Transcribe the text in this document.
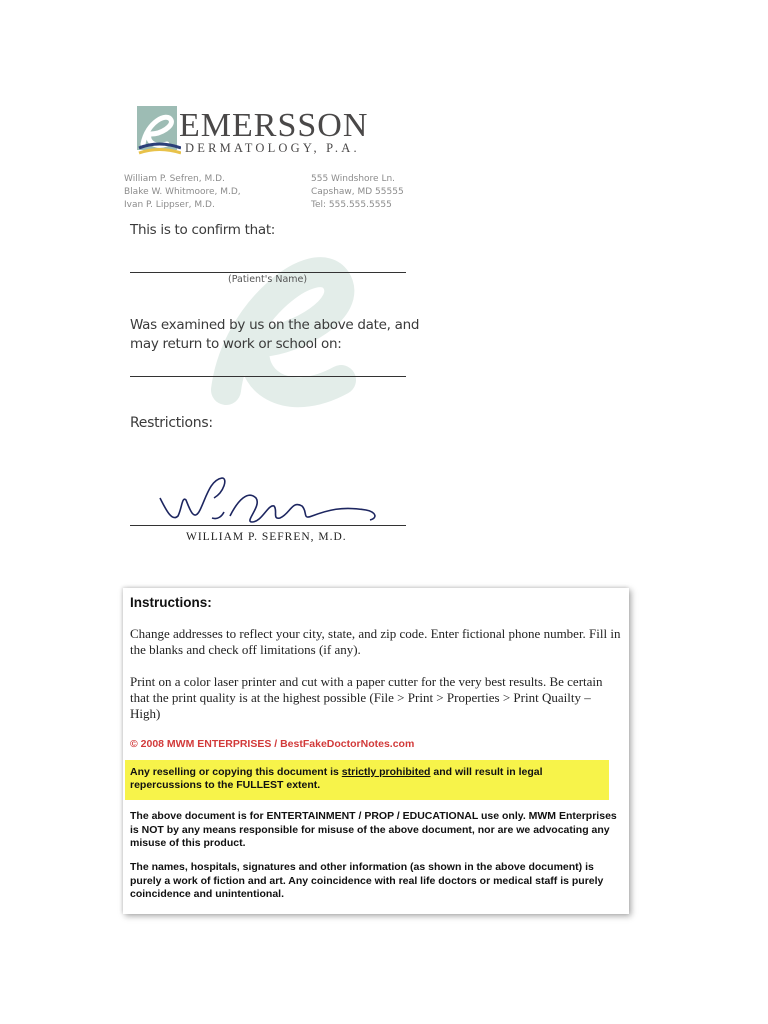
EMERSSON
DERMATOLOGY, P.A.
William P. Sefren, M.D.
Blake W. Whitmoore, M.D,
Ivan P. Lippser, M.D.
555 Windshore Ln.
Capshaw, MD 55555
Tel: 555.555.5555
This is to confirm that:
(Patient's Name)
Was examined by us on the above date, and
may return to work or school on:
Restrictions:
WILLIAM P. SEFREN, M.D.
Instructions:
Change addresses to reflect your city, state, and zip code. Enter fictional phone number. Fill in the blanks and check off limitations (if any).
Print on a color laser printer and cut with a paper cutter for the very best results. Be certain that the print quality is at the highest possible (File > Print > Properties > Print Quailty – High)
© 2008 MWM ENTERPRISES / BestFakeDoctorNotes.com
Any reselling or copying this document is strictly prohibited and will result in legal repercussions to the FULLEST extent.
The above document is for ENTERTAINMENT / PROP / EDUCATIONAL use only. MWM Enterprises is NOT by any means responsible for misuse of the above document, nor are we advocating any misuse of this product.
The names, hospitals, signatures and other information (as shown in the above document) is purely a work of fiction and art. Any coincidence with real life doctors or medical staff is purely coincidence and unintentional.
